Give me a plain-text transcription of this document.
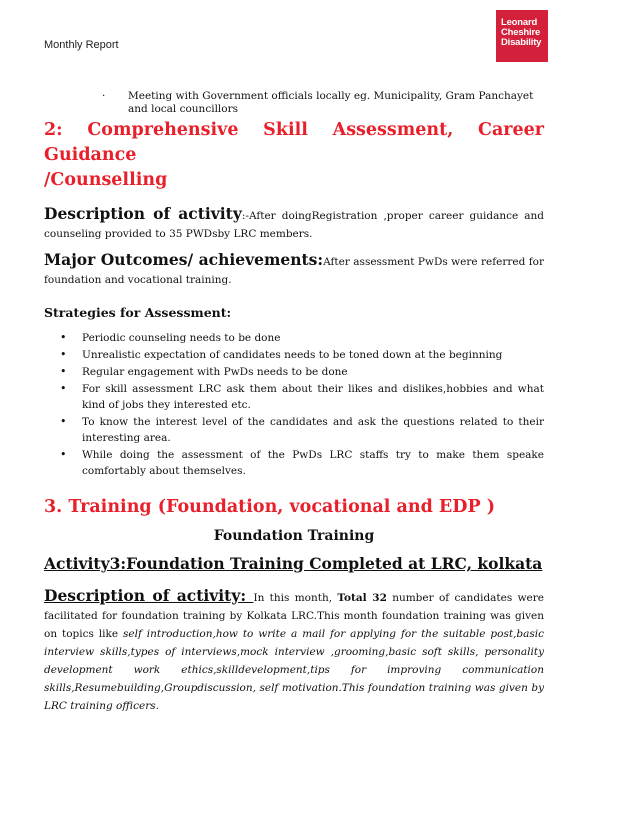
Monthly Report
Leonard
Cheshire
Disability
· Meeting with Government officials locally eg. Municipality, Gram Panchayet and local councillors

2: Comprehensive Skill Assessment, Career Guidance

/Counselling

Description of activity:-After doingRegistration ,proper career guidance and counseling provided to 35 PWDsby LRC members.

Major Outcomes/ achievements:After assessment PwDs were referred for foundation and vocational training.

Strategies for Assessment:

• Periodic counseling needs to be done
• Unrealistic expectation of candidates needs to be toned down at the beginning
• Regular engagement with PwDs needs to be done
• For skill assessment LRC ask them about their likes and dislikes,hobbies and what kind of jobs they interested etc.
• To know the interest level of the candidates and ask the questions related to their interesting area.
• While doing the assessment of the PwDs LRC staffs try to make them speake comfortably about themselves.

3. Training (Foundation, vocational and EDP )

Foundation Training

Activity3:Foundation Training Completed at LRC, kolkata

Description of activity: In this month, Total 32 number of candidates were facilitated for foundation training by Kolkata LRC.This month foundation training was given on topics like self introduction,how to write a mail for applying for the suitable post,basic interview skills,types of interviews,mock interview ,grooming,basic soft skills, personality development work ethics,skilldevelopment,tips for improving communication skills,Resumebuilding,Groupdiscussion, self motivation.This foundation training was given by LRC training officers.
